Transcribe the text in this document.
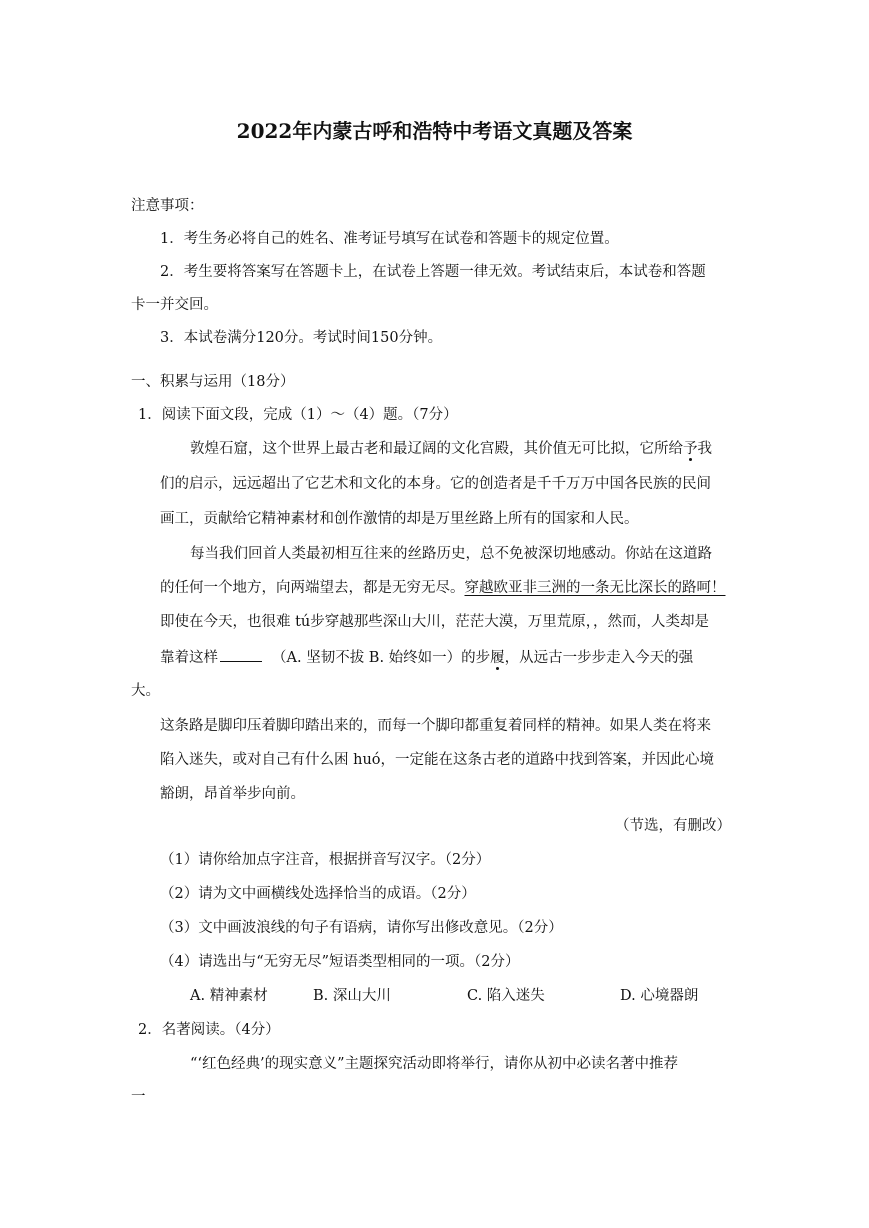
2022年内蒙古呼和浩特中考语文真题及答案
注意事项：
1．考生务必将自己的姓名、准考证号填写在试卷和答题卡的规定位置。
2．考生要将答案写在答题卡上，在试卷上答题一律无效。考试结束后，本试卷和答题
卡一并交回。
3．本试卷满分120分。考试时间150分钟。
一、积累与运用（18分）
1．阅读下面文段，完成（1）～（4）题。（7分）
敦煌石窟，这个世界上最古老和最辽阔的文化宫殿，其价值无可比拟，它所给予我
们的启示，远远超出了它艺术和文化的本身。它的创造者是千千万万中国各民族的民间
画工，贡献给它精神素材和创作激情的却是万里丝路上所有的国家和人民。
每当我们回首人类最初相互往来的丝路历史，总不免被深切地感动。你站在这道路
的任何一个地方，向两端望去，都是无穷无尽。穿越欧亚非三洲的一条无比深长的路呵！
即使在今天，也很难 tú步穿越那些深山大川，茫茫大漠，万里荒原，，然而，人类却是
靠着这样	（A. 坚韧不拔 B. 始终如一）的步履，从远古一步步走入今天的强
大。
这条路是脚印压着脚印踏出来的，而每一个脚印都重复着同样的精神。如果人类在将来
陷入迷失，或对自己有什么困 huó，一定能在这条古老的道路中找到答案，并因此心境
豁朗，昂首举步向前。
（节选，有删改）
（1）请你给加点字注音，根据拼音写汉字。（2分）
（2）请为文中画横线处选择恰当的成语。（2分）
（3）文中画波浪线的句子有语病，请你写出修改意见。（2分）
（4）请选出与“无穷无尽”短语类型相同的一项。（2分）
A. 精神素材	B. 深山大川	C. 陷入迷失	D. 心境器朗
2．名著阅读。（4分）
“‘红色经典’的现实意义”主题探究活动即将举行，请你从初中必读名著中推荐
一
